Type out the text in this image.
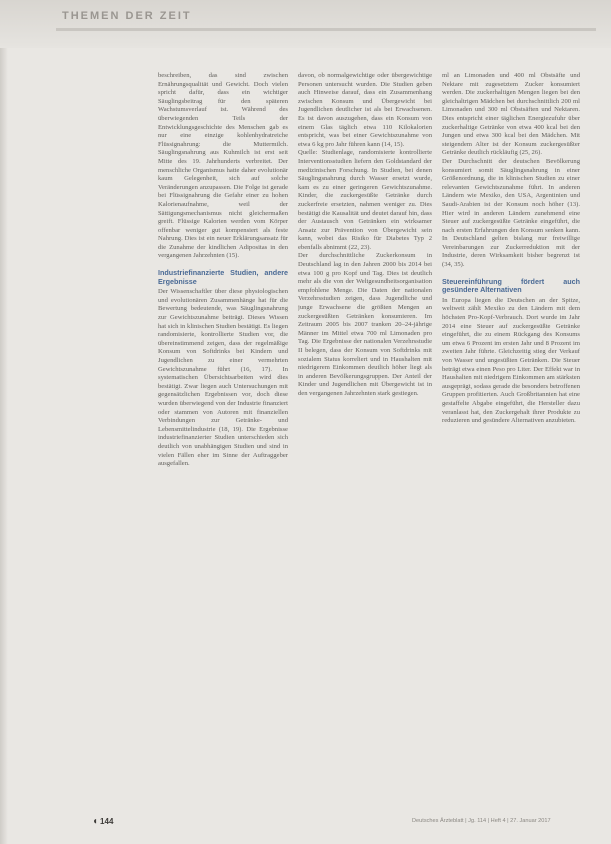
THEMEN DER ZEIT

beschreiben, das sind zwischen Ernährungsqualität und Gewicht. Doch vielen spricht dafür, dass ein wichtiger Säuglingsbeitrag für den späteren Wachstumsverlauf ist. Während des überwiegenden Teils der Entwicklungsgeschichte des Menschen gab es nur eine einzige kohlenhydratreiche Flüssignahrung: die Muttermilch. Säuglingsnahrung aus Kuhmilch ist erst seit Mitte des 19. Jahrhunderts verbreitet. Der menschliche Organismus hatte daher evolutionär kaum Gelegenheit, sich auf solche Veränderungen anzupassen. Die Folge ist gerade bei Flüssignahrung die Gefahr einer zu hohen Kalorienaufnahme, weil der Sättigungsmechanismus nicht gleichermaßen greift. Flüssige Kalorien werden vom Körper offenbar weniger gut kompensiert als feste Nahrung. Dies ist ein neuer Erklärungsansatz für die Zunahme der kindlichen Adipositas in den vergangenen Jahrzehnten (15).

Industriefinanzierte Studien, andere Ergebnisse

Der Wissenschaftler über diese physiologischen und evolutionären Zusammenhänge hat für die Bewertung bedeutende, was Säuglingsnahrung zur Gewichtszunahme beiträgt. Dieses Wissen hat sich in klinischen Studien bestätigt. Es liegen randomisierte, kontrollierte Studien vor, die übereinstimmend zeigen, dass der regelmäßige Konsum von Softdrinks bei Kindern und Jugendlichen zu einer vermehrten Gewichtszunahme führt (16, 17). In systematischen Übersichtsarbeiten wird dies bestätigt. Zwar liegen auch Untersuchungen mit gegensätzlichen Ergebnissen vor, doch diese wurden überwiegend von der Industrie finanziert oder stammen von Autoren mit finanziellen Verbindungen zur Getränke- und Lebensmittelindustrie (18, 19). Die Ergebnisse industriefinanzierter Studien unterschieden sich deutlich von unabhängigen Studien und sind in vielen Fällen eher im Sinne der Auftraggeber ausgefallen.

davon, ob normalgewichtige oder übergewichtige Personen untersucht wurden. Die Studien geben auch Hinweise darauf, dass ein Zusammenhang zwischen Konsum und Übergewicht bei Jugendlichen deutlicher ist als bei Erwachsenen. Es ist davon auszugehen, dass ein Konsum von einem Glas täglich etwa 110 Kilokalorien entspricht, was bei einer Gewichtszunahme von etwa 6 kg pro Jahr führen kann (14, 15).

Quelle: Studienlage, randomisierte kontrollierte Interventionsstudien liefern den Goldstandard der medizinischen Forschung. In Studien, bei denen Säuglingsnahrung durch Wasser ersetzt wurde, kam es zu einer geringeren Gewichtszunahme. Kinder, die zuckergesüßte Getränke durch zuckerfreie ersetzten, nahmen weniger zu. Dies bestätigt die Kausalität und deutet darauf hin, dass der Austausch von Getränken ein wirksamer Ansatz zur Prävention von Übergewicht sein kann, wobei das Risiko für Diabetes Typ 2 ebenfalls abnimmt (22, 23).

Der durchschnittliche Zuckerkonsum in Deutschland lag in den Jahren 2000 bis 2014 bei etwa 100 g pro Kopf und Tag. Dies ist deutlich mehr als die von der Weltgesundheitsorganisation empfohlene Menge. Die Daten der nationalen Verzehrsstudien zeigen, dass Jugendliche und junge Erwachsene die größten Mengen an zuckergesüßten Getränken konsumieren. Im Zeitraum 2005 bis 2007 tranken 20–24-jährige Männer im Mittel etwa 700 ml Limonaden pro Tag. Die Ergebnisse der nationalen Verzehrsstudie II belegen, dass der Konsum von Softdrinks mit sozialem Status korreliert und in Haushalten mit niedrigerem Einkommen deutlich höher liegt als in anderen Bevölkerungsgruppen. Der Anteil der Kinder und Jugendlichen mit Übergewicht ist in den vergangenen Jahrzehnten stark gestiegen.

ml an Limonaden und 400 ml Obstsäfte und Nektare mit zugesetztem Zucker konsumiert werden. Die zuckerhaltigen Mengen liegen bei den gleichaltrigen Mädchen bei durchschnittlich 200 ml Limonaden und 300 ml Obstsäften und Nektaren. Dies entspricht einer täglichen Energiezufuhr über zuckerhaltige Getränke von etwa 400 kcal bei den Jungen und etwa 300 kcal bei den Mädchen. Mit steigendem Alter ist der Konsum zuckergesüßter Getränke deutlich rückläufig (25, 26).

Der Durchschnitt der deutschen Bevölkerung konsumiert somit Säuglingsnahrung in einer Größenordnung, die in klinischen Studien zu einer relevanten Gewichtszunahme führt. In anderen Ländern wie Mexiko, den USA, Argentinien und Saudi-Arabien ist der Konsum noch höher (13). Hier wird in anderen Ländern zunehmend eine Steuer auf zuckergesüßte Getränke eingeführt, die nach ersten Erfahrungen den Konsum senken kann. In Deutschland gelten bislang nur freiwillige Vereinbarungen zur Zuckerreduktion mit der Industrie, deren Wirksamkeit bisher begrenzt ist (34, 35).

Steuereinführung fördert auch gesündere Alternativen

In Europa liegen die Deutschen an der Spitze, weltweit zählt Mexiko zu den Ländern mit dem höchsten Pro-Kopf-Verbrauch. Dort wurde im Jahr 2014 eine Steuer auf zuckergesüßte Getränke eingeführt, die zu einem Rückgang des Konsums um etwa 6 Prozent im ersten Jahr und 8 Prozent im zweiten Jahr führte. Gleichzeitig stieg der Verkauf von Wasser und ungesüßten Getränken. Die Steuer beträgt etwa einen Peso pro Liter. Der Effekt war in Haushalten mit niedrigem Einkommen am stärksten ausgeprägt, sodass gerade die besonders betroffenen Gruppen profitierten. Auch Großbritannien hat eine gestaffelte Abgabe eingeführt, die Hersteller dazu veranlasst hat, den Zuckergehalt ihrer Produkte zu reduzieren und gesündere Alternativen anzubieten.

◖ 144	Deutsches Ärzteblatt | Jg. 114 | Heft 4 | 27. Januar 2017
